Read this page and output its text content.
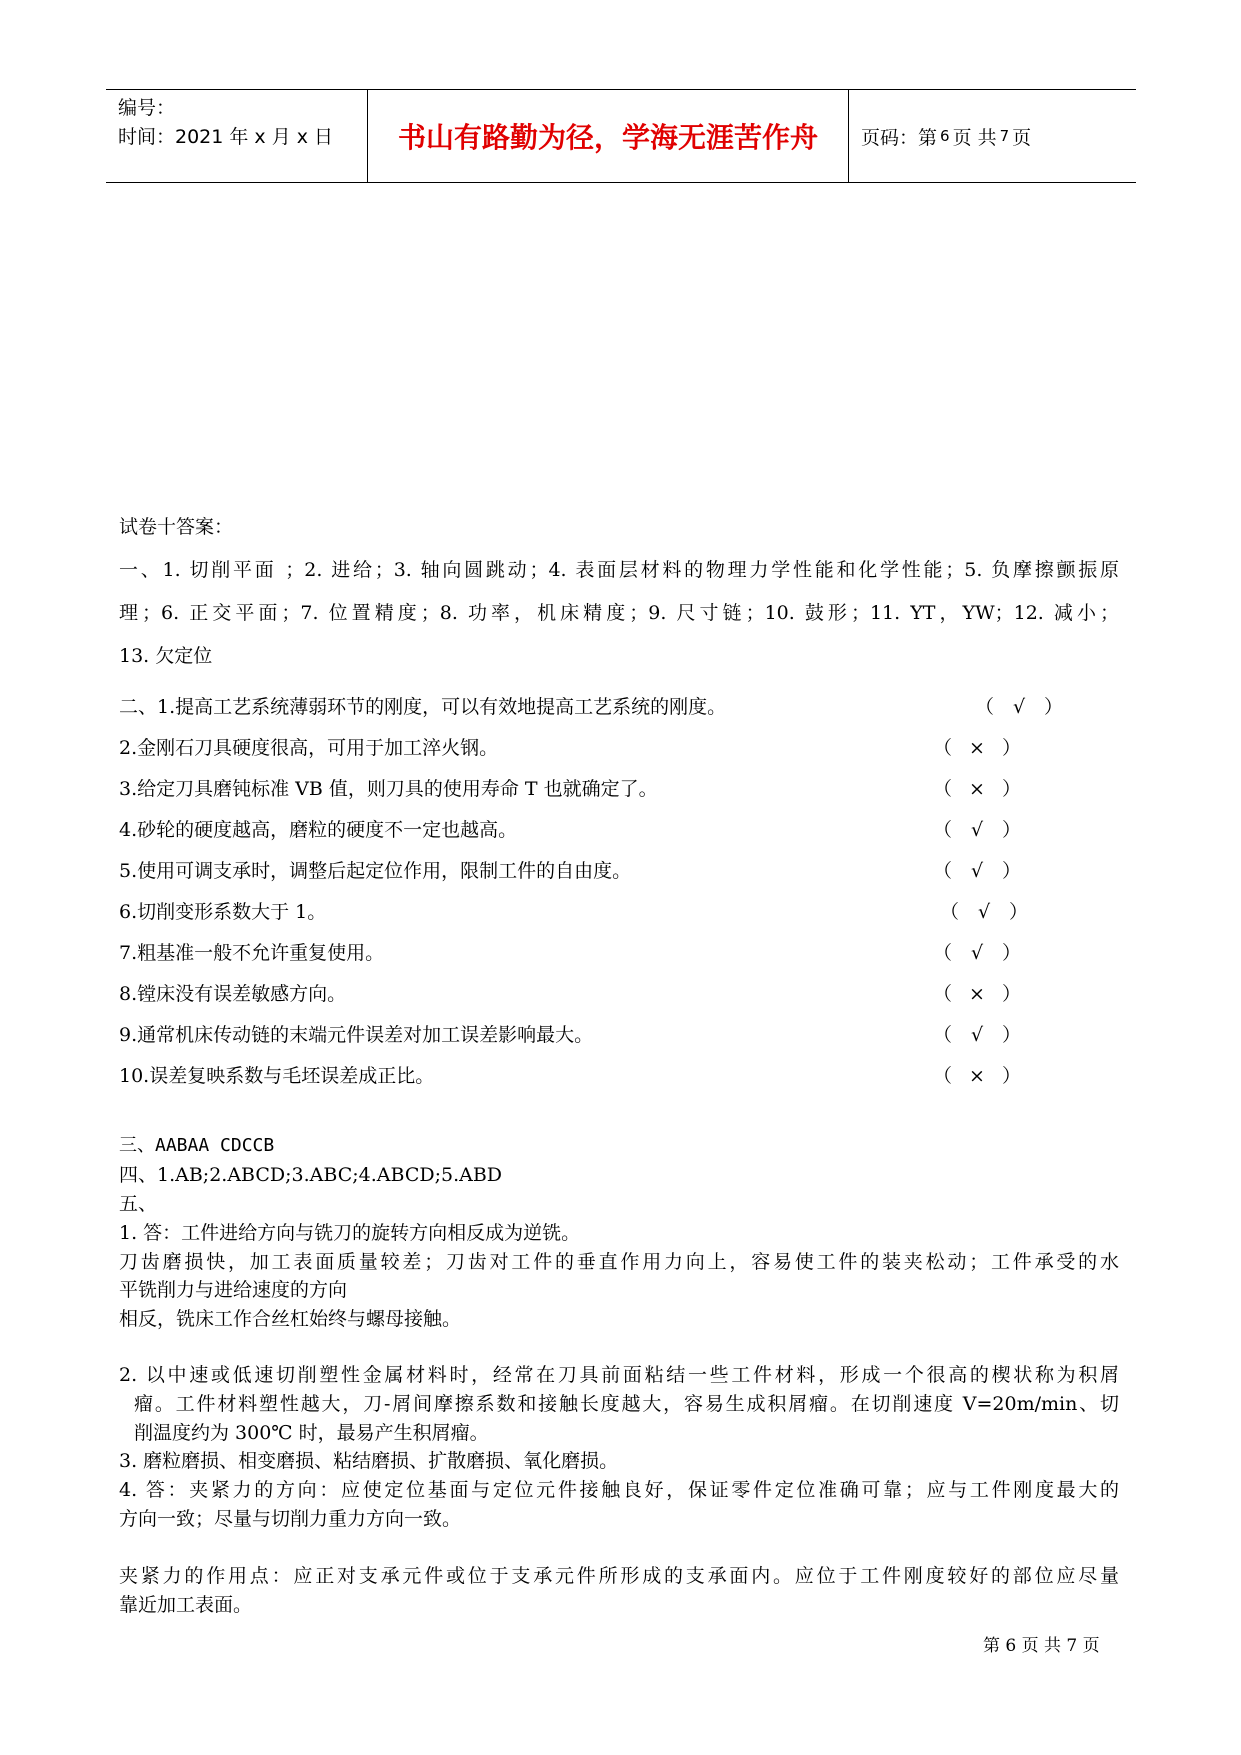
编号：
时间：2021 年 x 月 x 日	书山有路勤为径，学海无涯苦作舟 页码：第 6 页 共 7 页
试卷十答案：
一、1. 切削平面 ；2. 进给；3. 轴向圆跳动；4. 表面层材料的物理力学性能和化学性能；5. 负摩擦颤振原
理；6. 正交平面；7. 位置精度；8. 功率，机床精度；9. 尺寸链；10. 鼓形；11. YT，YW；12. 减小；
13. 欠定位
二、1.提高工艺系统薄弱环节的刚度，可以有效地提高工艺系统的刚度。	（ √ ）
2.金刚石刀具硬度很高，可用于加工淬火钢。	（ × ）
3.给定刀具磨钝标准 VB 值，则刀具的使用寿命 T 也就确定了。	（ × ）
4.砂轮的硬度越高，磨粒的硬度不一定也越高。	（ √ ）
5.使用可调支承时，调整后起定位作用，限制工件的自由度。	（ √ ）
6.切削变形系数大于 1。	（ √ ）
7.粗基准一般不允许重复使用。	（ √ ）
8.镗床没有误差敏感方向。	（ × ）
9.通常机床传动链的末端元件误差对加工误差影响最大。	（ √ ）
10.误差复映系数与毛坯误差成正比。	（ × ）
三、AABAA CDCCB
四、1.AB;2.ABCD;3.ABC;4.ABCD;5.ABD
五、
1. 答：工件进给方向与铣刀的旋转方向相反成为逆铣。
刀齿磨损快，加工表面质量较差；刀齿对工件的垂直作用力向上，容易使工件的装夹松动；工件承受的水
平铣削力与进给速度的方向
相反，铣床工作合丝杠始终与螺母接触。
2. 以中速或低速切削塑性金属材料时，经常在刀具前面粘结一些工件材料，形成一个很高的楔状称为积屑
瘤。工件材料塑性越大，刀-屑间摩擦系数和接触长度越大，容易生成积屑瘤。在切削速度 V=20m/min、切
削温度约为 300℃ 时，最易产生积屑瘤。
3. 磨粒磨损、相变磨损、粘结磨损、扩散磨损、氧化磨损。
4. 答：夹紧力的方向：应使定位基面与定位元件接触良好，保证零件定位准确可靠；应与工件刚度最大的
方向一致；尽量与切削力重力方向一致。
夹紧力的作用点：应正对支承元件或位于支承元件所形成的支承面内。应位于工件刚度较好的部位应尽量
靠近加工表面。
第 6 页 共 7 页
